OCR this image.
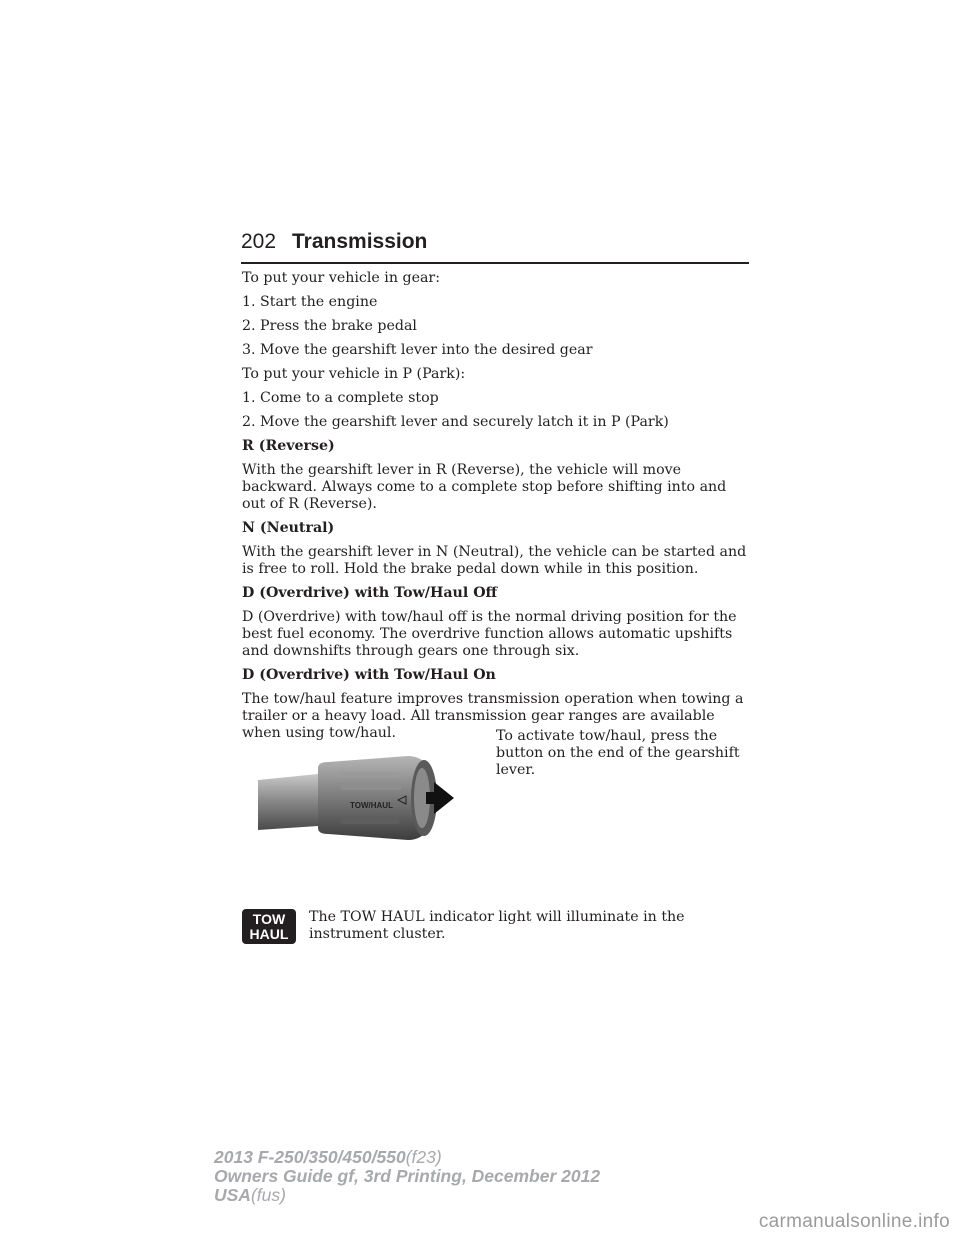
202 Transmission

To put your vehicle in gear:

1. Start the engine

2. Press the brake pedal

3. Move the gearshift lever into the desired gear

To put your vehicle in P (Park):

1. Come to a complete stop

2. Move the gearshift lever and securely latch it in P (Park)

R (Reverse)

With the gearshift lever in R (Reverse), the vehicle will move backward. Always come to a complete stop before shifting into and out of R (Reverse).

N (Neutral)

With the gearshift lever in N (Neutral), the vehicle can be started and is free to roll. Hold the brake pedal down while in this position.

D (Overdrive) with Tow/Haul Off

D (Overdrive) with tow/haul off is the normal driving position for the best fuel economy. The overdrive function allows automatic upshifts and downshifts through gears one through six.

D (Overdrive) with Tow/Haul On

The tow/haul feature improves transmission operation when towing a trailer or a heavy load. All transmission gear ranges are available when using tow/haul.	To activate tow/haul, press the button on the end of the gearshift lever.

TOW/HAUL
TOW
HAUL

The TOW HAUL indicator light will illuminate in the instrument cluster.

2013 F-250/350/450/550(f23)
Owners Guide gf, 3rd Printing, December 2012
USA(fus)
carmanualsonline.info
